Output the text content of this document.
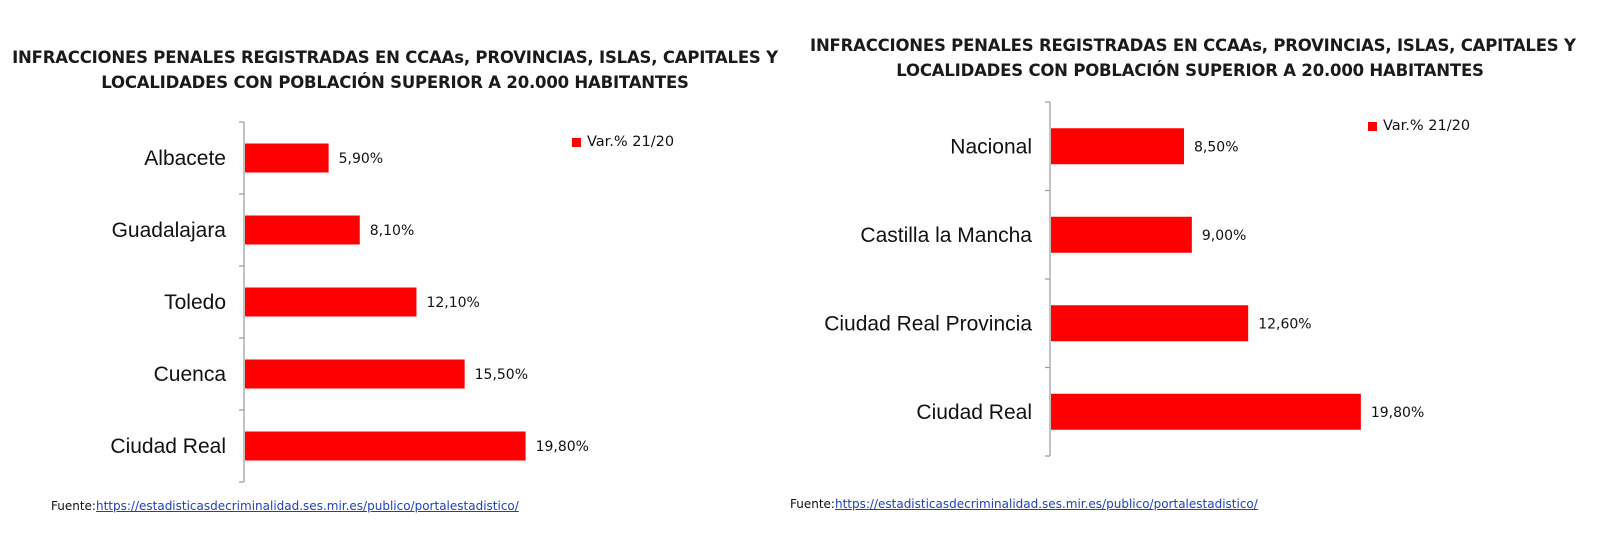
INFRACCIONES PENALES REGISTRADAS EN CCAAs, PROVINCIAS, ISLAS, CAPITALES Y
LOCALIDADES CON POBLACIÓN SUPERIOR A 20.000 HABITANTES
Albacete	5,90%
Guadalajara	8,10%
Toledo	12,10%
Cuenca	15,50%
Ciudad Real	19,80%
Var.% 21/20
Fuente:https://estadisticasdecriminalidad.ses.mir.es/publico/portalestadistico/
INFRACCIONES PENALES REGISTRADAS EN CCAAs, PROVINCIAS, ISLAS, CAPITALES Y
LOCALIDADES CON POBLACIÓN SUPERIOR A 20.000 HABITANTES
Nacional	8,50%
Castilla la Mancha	9,00%
Ciudad Real Provincia	12,60%
Ciudad Real	19,80%
Var.% 21/20
Fuente:https://estadisticasdecriminalidad.ses.mir.es/publico/portalestadistico/
